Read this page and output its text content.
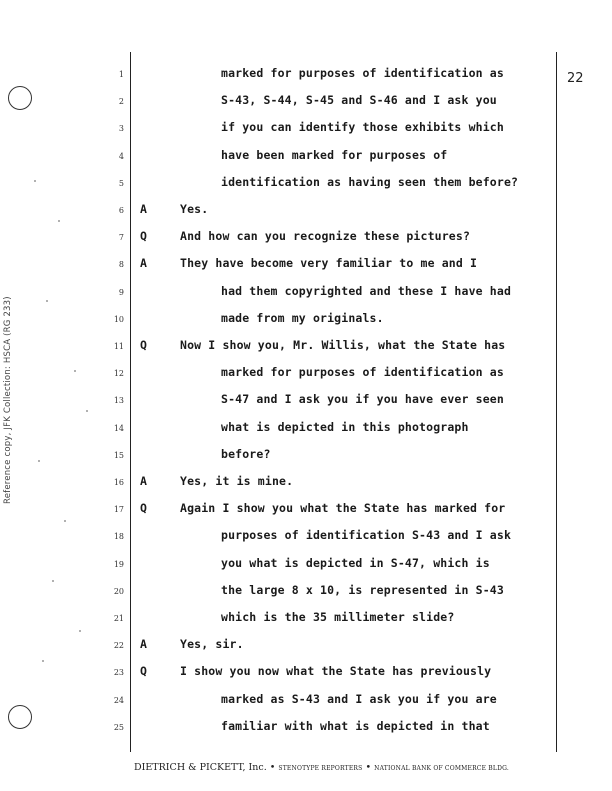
Reference copy, JFK Collection: HSCA (RG 233)
22
1	marked for purposes of identification as
2	S-43, S-44, S-45 and S-46 and I ask you
3	if you can identify those exhibits which
4	have been marked for purposes of
5	identification as having seen them before?
6 A	Yes.
7 Q	And how can you recognize these pictures?
8 A	They have become very familiar to me and I
9	had them copyrighted and these I have had
10	made from my originals.
11 Q	Now I show you, Mr. Willis, what the State has
12	marked for purposes of identification as
13	S-47 and I ask you if you have ever seen
14	what is depicted in this photograph
15	before?
16 A	Yes, it is mine.
17 Q	Again I show you what the State has marked for
18	purposes of identification S-43 and I ask
19	you what is depicted in S-47, which is
20	the large 8 x 10, is represented in S-43
21	which is the 35 millimeter slide?
22 A	Yes, sir.
23 Q	I show you now what the State has previously
24	marked as S-43 and I ask you if you are
25	familiar with what is depicted in that
DIETRICH & PICKETT, Inc. • STENOTYPE REPORTERS • NATIONAL BANK OF COMMERCE BLDG.
